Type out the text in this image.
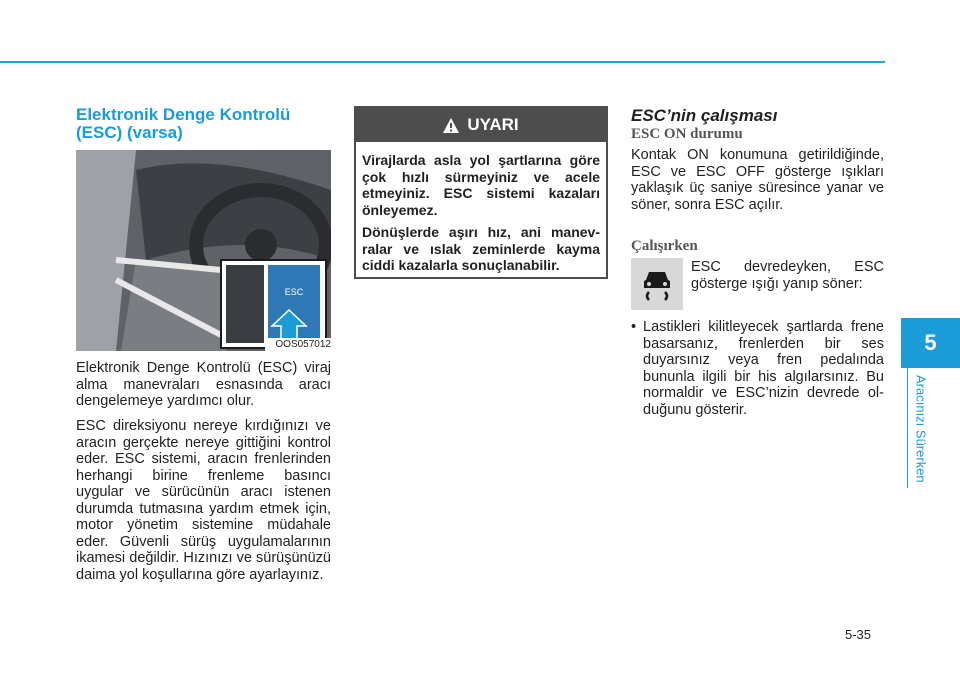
Elektronik Denge Kontrolü (ESC) (varsa)
ESC
OOS057012
Elektronik Denge Kontrolü (ESC) viraj alma manevraları esnasında aracı dengelemeye yardımcı olur.
ESC direksiyonu nereye kırdığınızı ve aracın gerçekte nereye gittiğini kontrol eder. ESC sistemi, aracın frenlerinden herhangi birine frenleme basıncı uygular ve sürücünün aracı istenen durumda tutmasına yardım etmek için, motor yönetim sistemine müdahale eder. Güvenli sürüş uygulamalarının ikamesi değildir. Hızınızı ve sürüşünüzü daima yol koşullarına göre ayarlayınız.
UYARI

Virajlarda asla yol şartlarına göre çok hızlı sürmeyiniz ve acele etmeyiniz. ESC sistemi kazaları önleyemez.

Dönüşlerde aşırı hız, ani manevralar ve ıslak zeminlerde kayma ciddi kazalarla sonuçlanabilir.

ESC’nin çalışması
ESC ON durumu
Kontak ON konumuna getirildiğinde, ESC ve ESC OFF gösterge ışıkları yaklaşık üç saniye süresince yanar ve söner, sonra ESC açılır.
Çalışırken
ESC devredeyken, ESC gösterge ışığı yanıp söner:
• Lastikleri kilitleyecek şartlarda frene basarsanız, frenlerden bir ses duyarsınız veya fren pedalında bununla ilgili bir his algılarsınız. Bu normaldir ve ESC’nizin devrede olduğunu gösterir.
5
Aracınızı Sürerken
5-35
